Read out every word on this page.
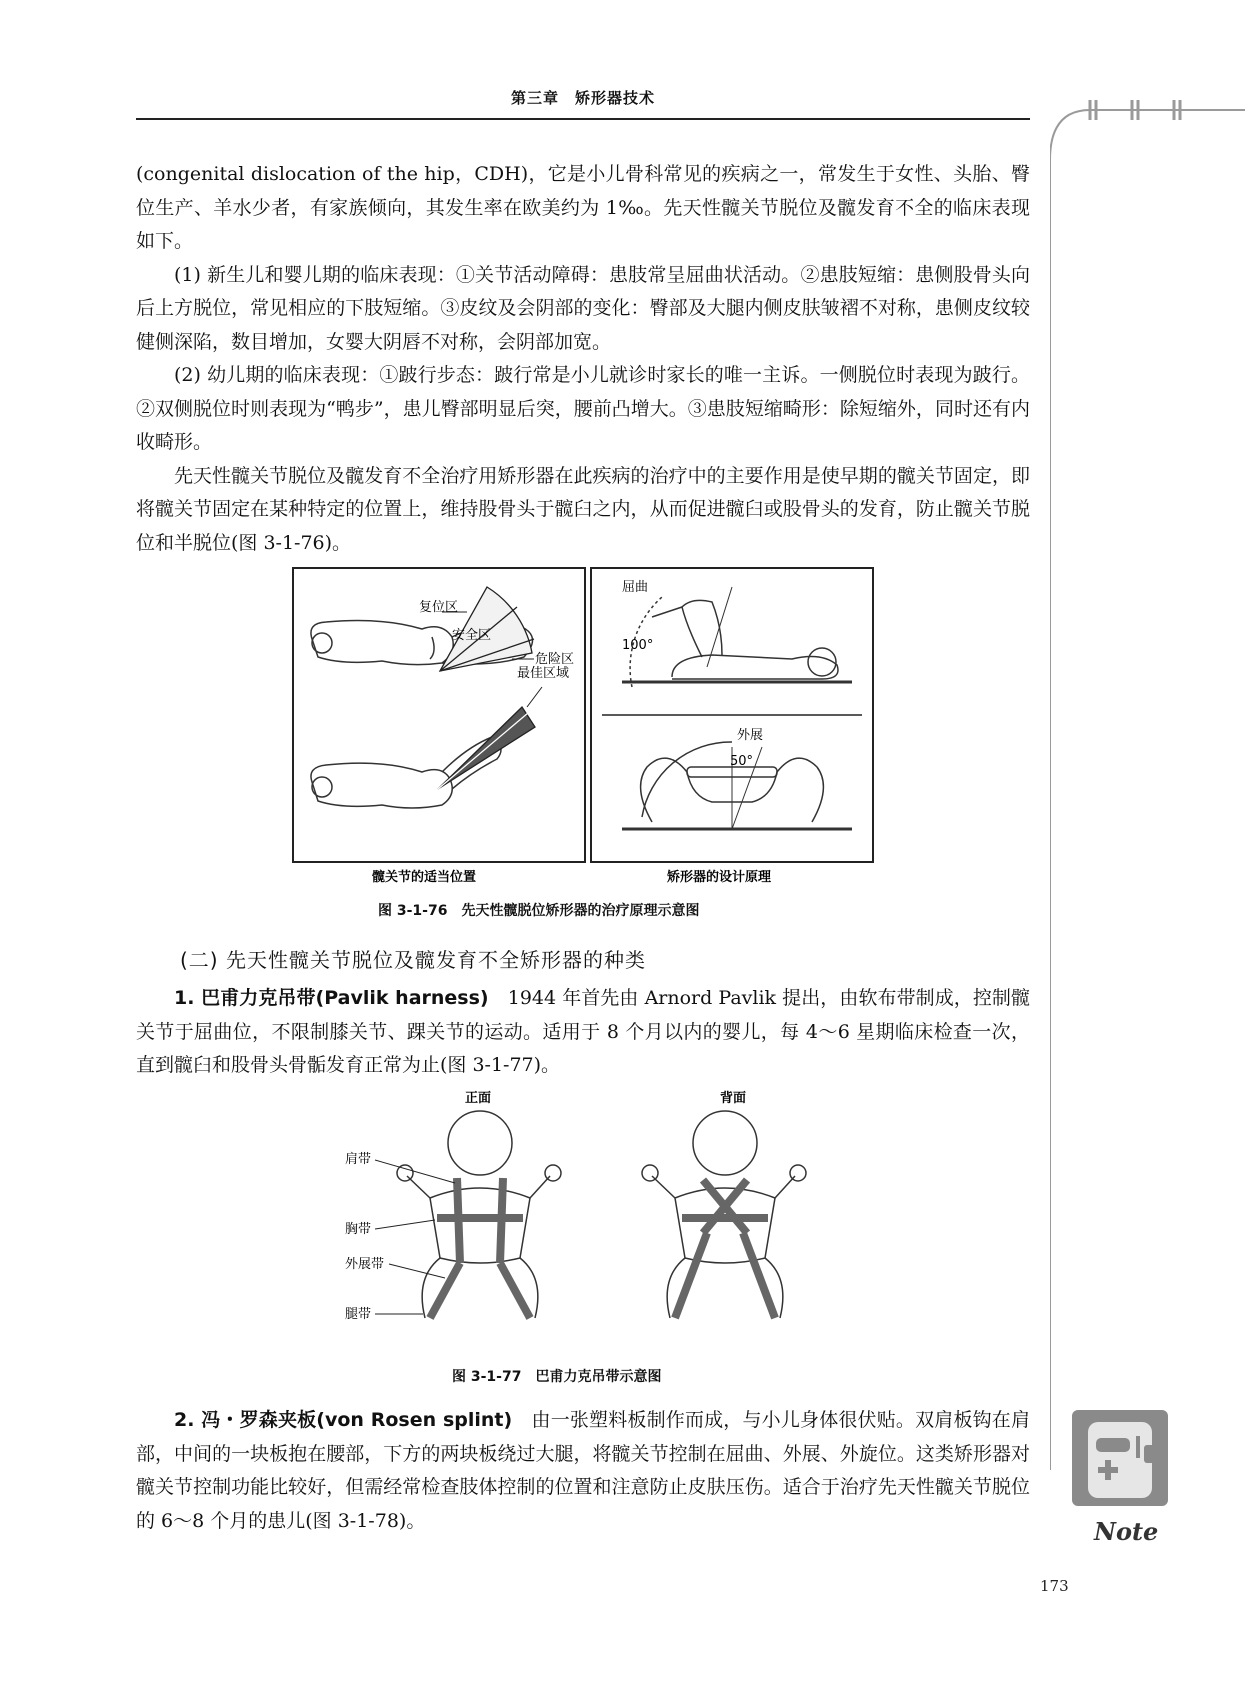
第三章　矫形器技术
Note

(congenital dislocation of the hip，CDH)，它是小儿骨科常见的疾病之一，常发生于女性、头胎、臀位生产、羊水少者，有家族倾向，其发生率在欧美约为 1‰。先天性髋关节脱位及髋发育不全的临床表现如下。

(1) 新生儿和婴儿期的临床表现：①关节活动障碍：患肢常呈屈曲状活动。②患肢短缩：患侧股骨头向后上方脱位，常见相应的下肢短缩。③皮纹及会阴部的变化：臀部及大腿内侧皮肤皱褶不对称，患侧皮纹较健侧深陷，数目增加，女婴大阴唇不对称，会阴部加宽。

(2) 幼儿期的临床表现：①跛行步态：跛行常是小儿就诊时家长的唯一主诉。一侧脱位时表现为跛行。②双侧脱位时则表现为“鸭步”，患儿臀部明显后突，腰前凸增大。③患肢短缩畸形：除短缩外，同时还有内收畸形。

先天性髋关节脱位及髋发育不全治疗用矫形器在此疾病的治疗中的主要作用是使早期的髋关节固定，即将髋关节固定在某种特定的位置上，维持股骨头于髋臼之内，从而促进髋臼或股骨头的发育，防止髋关节脱位和半脱位(图 3-1-76)。

复位区
安全区
危险区
最佳区域
髋关节的适当位置
屈曲
100°
外展
50°
矫形器的设计原理
图 3-1-76　先天性髋脱位矫形器的治疗原理示意图
(二) 先天性髋关节脱位及髋发育不全矫形器的种类

1. 巴甫力克吊带(Pavlik harness)　1944 年首先由 Arnord Pavlik 提出，由软布带制成，控制髋关节于屈曲位，不限制膝关节、踝关节的运动。适用于 8 个月以内的婴儿，每 4～6 星期临床检查一次，直到髋臼和股骨头骨骺发育正常为止(图 3-1-77)。

正面	背面
肩带
胸带
外展带
腿带
图 3-1-77　巴甫力克吊带示意图

2. 冯・罗森夹板(von Rosen splint)　由一张塑料板制作而成，与小儿身体很伏贴。双肩板钩在肩部，中间的一块板抱在腰部，下方的两块板绕过大腿，将髋关节控制在屈曲、外展、外旋位。这类矫形器对髋关节控制功能比较好，但需经常检查肢体控制的位置和注意防止皮肤压伤。适合于治疗先天性髋关节脱位的 6～8 个月的患儿(图 3-1-78)。

173
